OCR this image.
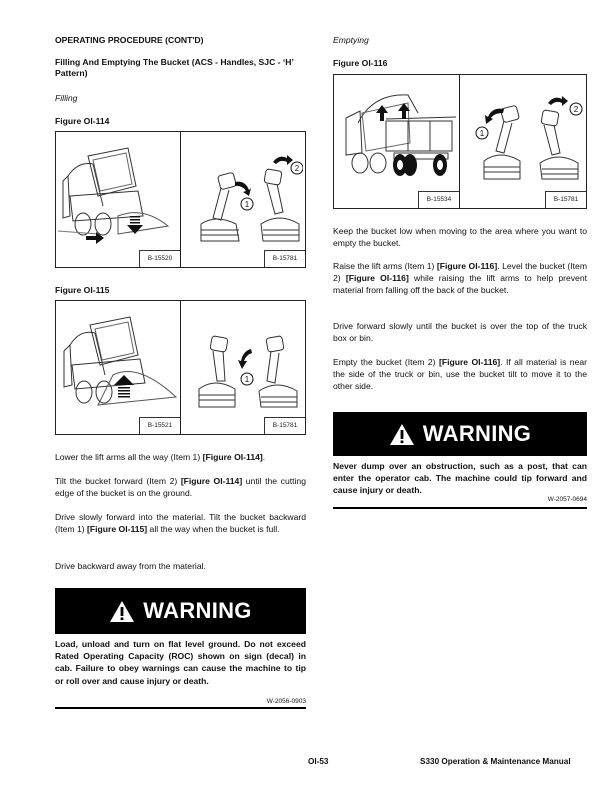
OPERATING PROCEDURE (CONT'D)
Filling And Emptying The Bucket (ACS - Handles, SJC - ‘H’ Pattern)
Filling
Figure OI-114
1
2
B-15520	B-15781
Figure OI-115
1
B-15521	B-15781
Lower the lift arms all the way (Item 1) [Figure OI-114].
Tilt the bucket forward (Item 2) [Figure OI-114] until the cutting edge of the bucket is on the ground.
Drive slowly forward into the material. Tilt the bucket backward (Item 1) [Figure OI-115] all the way when the bucket is full.
Drive backward away from the material.
WARNING
Load, unload and turn on flat level ground. Do not exceed Rated Operating Capacity (ROC) shown on sign (decal) in cab. Failure to obey warnings can cause the machine to tip or roll over and cause injury or death.
W-2056-0903
Emptying
Figure OI-116
1
2
B-15534	B-15781
Keep the bucket low when moving to the area where you want to empty the bucket.
Raise the lift arms (Item 1) [Figure OI-116]. Level the bucket (Item 2) [Figure OI-116] while raising the lift arms to help prevent material from falling off the back of the bucket.
Drive forward slowly until the bucket is over the top of the truck box or bin.
Empty the bucket (Item 2) [Figure OI-116]. If all material is near the side of the truck or bin, use the bucket tilt to move it to the other side.
WARNING
Never dump over an obstruction, such as a post, that can enter the operator cab. The machine could tip forward and cause injury or death.
W-2057-0694
OI-53	S330 Operation & Maintenance Manual
